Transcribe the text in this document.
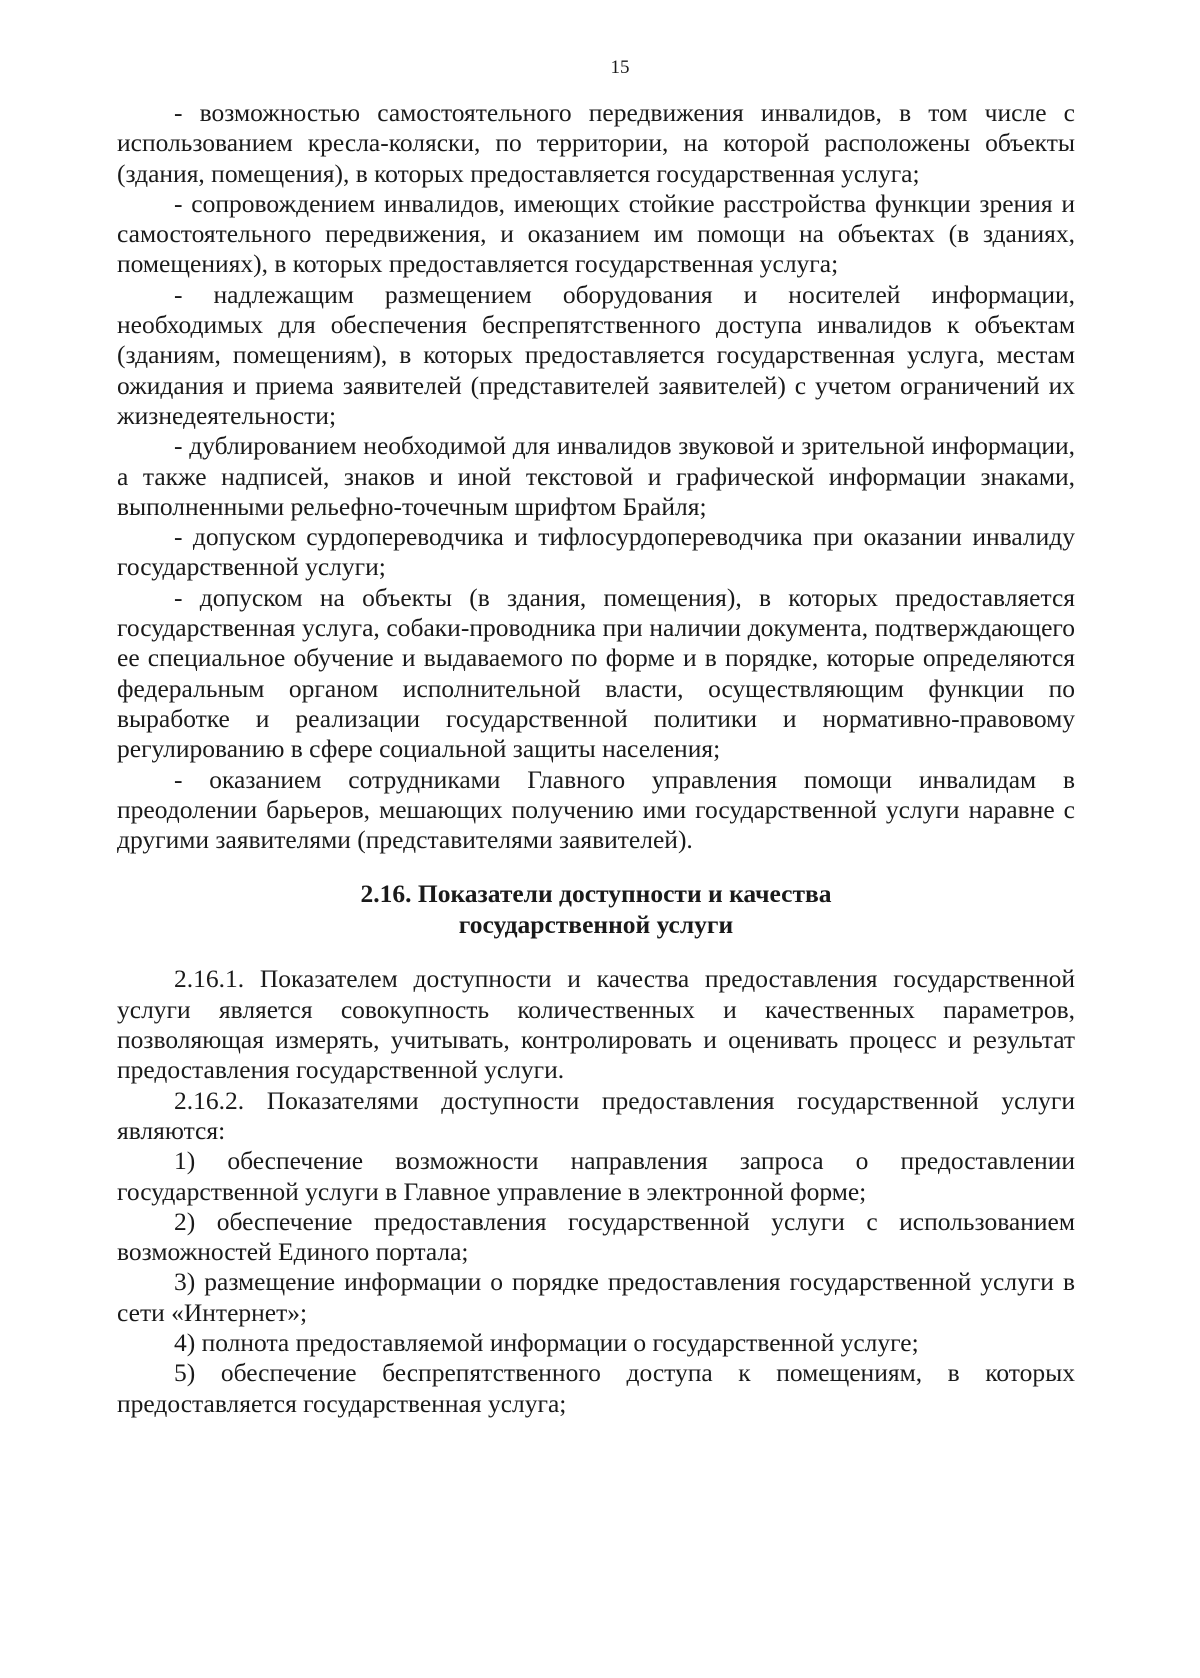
15

- возможностью самостоятельного передвижения инвалидов, в том числе с использованием кресла-коляски, по территории, на которой расположены объекты (здания, помещения), в которых предоставляется государственная услуга;

- сопровождением инвалидов, имеющих стойкие расстройства функции зрения и самостоятельного передвижения, и оказанием им помощи на объектах (в зданиях, помещениях), в которых предоставляется государственная услуга;

- надлежащим размещением оборудования и носителей информации, необходимых для обеспечения беспрепятственного доступа инвалидов к объектам (зданиям, помещениям), в которых предоставляется государственная услуга, местам ожидания и приема заявителей (представителей заявителей) с учетом ограничений их жизнедеятельности;

- дублированием необходимой для инвалидов звуковой и зрительной информации, а также надписей, знаков и иной текстовой и графической информации знаками, выполненными рельефно-точечным шрифтом Брайля;

- допуском сурдопереводчика и тифлосурдопереводчика при оказании инвалиду государственной услуги;

- допуском на объекты (в здания, помещения), в которых предоставляется государственная услуга, собаки-проводника при наличии документа, подтверждающего ее специальное обучение и выдаваемого по форме и в порядке, которые определяются федеральным органом исполнительной власти, осуществляющим функции по выработке и реализации государственной политики и нормативно-правовому регулированию в сфере социальной защиты населения;

- оказанием сотрудниками Главного управления помощи инвалидам в преодолении барьеров, мешающих получению ими государственной услуги наравне с другими заявителями (представителями заявителей).

2.16. Показатели доступности и качества
государственной услуги

2.16.1. Показателем доступности и качества предоставления государственной услуги является совокупность количественных и качественных параметров, позволяющая измерять, учитывать, контролировать и оценивать процесс и результат предоставления государственной услуги.

2.16.2. Показателями доступности предоставления государственной услуги являются:

1) обеспечение возможности направления запроса о предоставлении государственной услуги в Главное управление в электронной форме;

2) обеспечение предоставления государственной услуги с использованием возможностей Единого портала;

3) размещение информации о порядке предоставления государственной услуги в сети «Интернет»;

4) полнота предоставляемой информации о государственной услуге;

5) обеспечение беспрепятственного доступа к помещениям, в которых предоставляется государственная услуга;
